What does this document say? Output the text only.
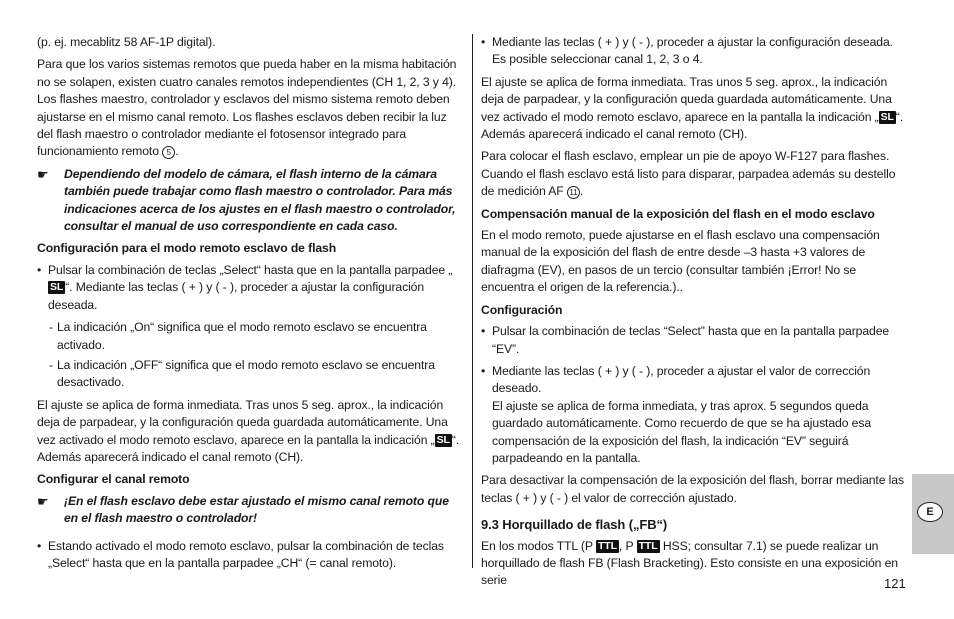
(p. ej. mecablitz 58 AF-1P digital).

Para que los varios sistemas remotos que pueda haber en la misma habitación no se solapen, existen cuatro canales remotos independientes (CH 1, 2, 3 y 4). Los flashes maestro, controlador y esclavos del mismo sistema remoto deben ajustarse en el mismo canal remoto. Los flashes esclavos deben recibir la luz del flash maestro o controlador mediante el fotosensor integrado para funcionamiento remoto 5 .

☛ Dependiendo del modelo de cámara, el flash interno de la cámara también puede trabajar como flash maestro o controlador. Para más indicaciones acerca de los ajustes en el flash maestro o controlador, consultar el manual de uso correspondiente en cada caso.
Configuración para el modo remoto esclavo de flash
• Pulsar la combinación de teclas „Select“ hasta que en la pantalla parpadee „ SL “. Mediante las teclas ( + ) y ( - ), proceder a ajustar la configuración deseada.
- La indicación „On“ significa que el modo remoto esclavo se encuentra activado.
- La indicación „OFF“ significa que el modo remoto esclavo se encuentra desactivado.

El ajuste se aplica de forma inmediata. Tras unos 5 seg. aprox., la indicación deja de parpadear, y la configuración queda guardada automáticamente. Una vez activado el modo remoto esclavo, aparece en la pantalla la indicación „ SL “. Además aparecerá indicado el canal remoto (CH).

Configurar el canal remoto
☛ ¡En el flash esclavo debe estar ajustado el mismo canal remoto que en el flash maestro o controlador!
• Estando activado el modo remoto esclavo, pulsar la combinación de teclas „Select“ hasta que en la pantalla parpadee „CH“ (= canal remoto).
• Mediante las teclas ( + ) y ( - ), proceder a ajustar la configuración deseada. Es posible seleccionar canal 1, 2, 3 o 4.

El ajuste se aplica de forma inmediata. Tras unos 5 seg. aprox., la indicación deja de parpadear, y la configuración queda guardada automáticamente. Una vez activado el modo remoto esclavo, aparece en la pantalla la indicación „ SL “. Además aparecerá indicado el canal remoto (CH).

Para colocar el flash esclavo, emplear un pie de apoyo W-F127 para flashes. Cuando el flash esclavo está listo para disparar, parpadea además su destello de medición AF 11 .

Compensación manual de la exposición del flash en el modo esclavo

En el modo remoto, puede ajustarse en el flash esclavo una compensación manual de la exposición del flash de entre desde –3 hasta +3 valores de diafragma (EV), en pasos de un tercio (consultar también ¡Error! No se encuentra el origen de la referencia.)..

Configuración
• Pulsar la combinación de teclas “Select” hasta que en la pantalla parpadee “EV”.
• Mediante las teclas ( + ) y ( - ), proceder a ajustar el valor de corrección deseado.
El ajuste se aplica de forma inmediata, y tras aprox. 5 segundos queda guardado automáticamente. Como recuerdo de que se ha ajustado esa compensación de la exposición del flash, la indicación “EV” seguirá parpadeando en la pantalla.

Para desactivar la compensación de la exposición del flash, borrar mediante las teclas ( + ) y ( - ) el valor de corrección ajustado.

9.3 Horquillado de flash („FB“)

En los modos TTL (P TTL , P TTL HSS; consultar 7.1) se puede realizar un horquillado de flash FB (Flash Bracketing). Esto consiste en una exposición en serie

E
121
